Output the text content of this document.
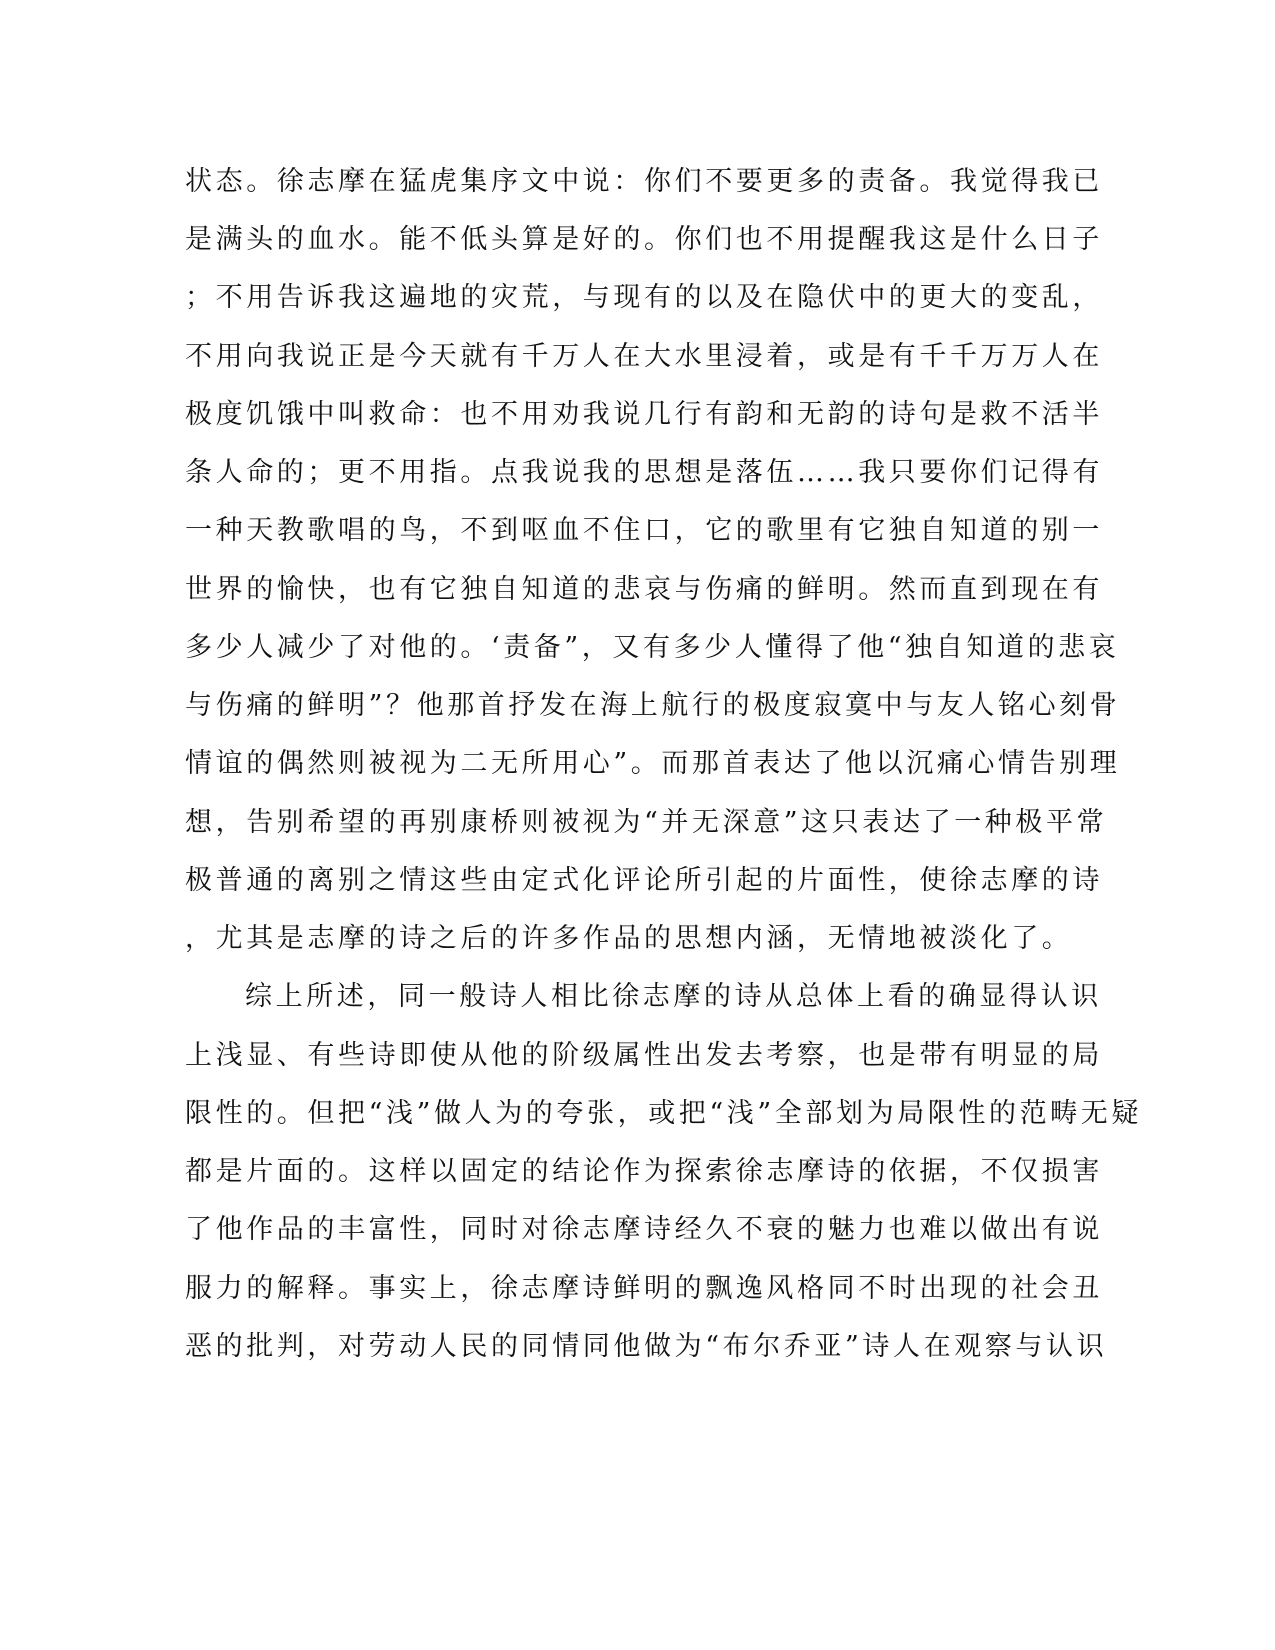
状态。徐志摩在猛虎集序文中说：你们不要更多的责备。我觉得我已
是满头的血水。能不低头算是好的。你们也不用提醒我这是什么日子
；不用告诉我这遍地的灾荒，与现有的以及在隐伏中的更大的变乱，
不用向我说正是今天就有千万人在大水里浸着，或是有千千万万人在
极度饥饿中叫救命：也不用劝我说几行有韵和无韵的诗句是救不活半
条人命的；更不用指。点我说我的思想是落伍……我只要你们记得有
一种天教歌唱的鸟，不到呕血不住口，它的歌里有它独自知道的别一
世界的愉快，也有它独自知道的悲哀与伤痛的鲜明。然而直到现在有
多少人减少了对他的。‘责备”，又有多少人懂得了他“独自知道的悲哀
与伤痛的鲜明”？他那首抒发在海上航行的极度寂寞中与友人铭心刻骨
情谊的偶然则被视为二无所用心”。而那首表达了他以沉痛心情告别理
想，告别希望的再别康桥则被视为“并无深意”这只表达了一种极平常
极普通的离别之情这些由定式化评论所引起的片面性，使徐志摩的诗
，尤其是志摩的诗之后的许多作品的思想内涵，无情地被淡化了。
综上所述，同一般诗人相比徐志摩的诗从总体上看的确显得认识
上浅显、有些诗即使从他的阶级属性出发去考察，也是带有明显的局
限性的。但把“浅”做人为的夸张，或把“浅”全部划为局限性的范畴无疑
都是片面的。这样以固定的结论作为探索徐志摩诗的依据，不仅损害
了他作品的丰富性，同时对徐志摩诗经久不衰的魅力也难以做出有说
服力的解释。事实上，徐志摩诗鲜明的飘逸风格同不时出现的社会丑
恶的批判，对劳动人民的同情同他做为“布尔乔亚”诗人在观察与认识
